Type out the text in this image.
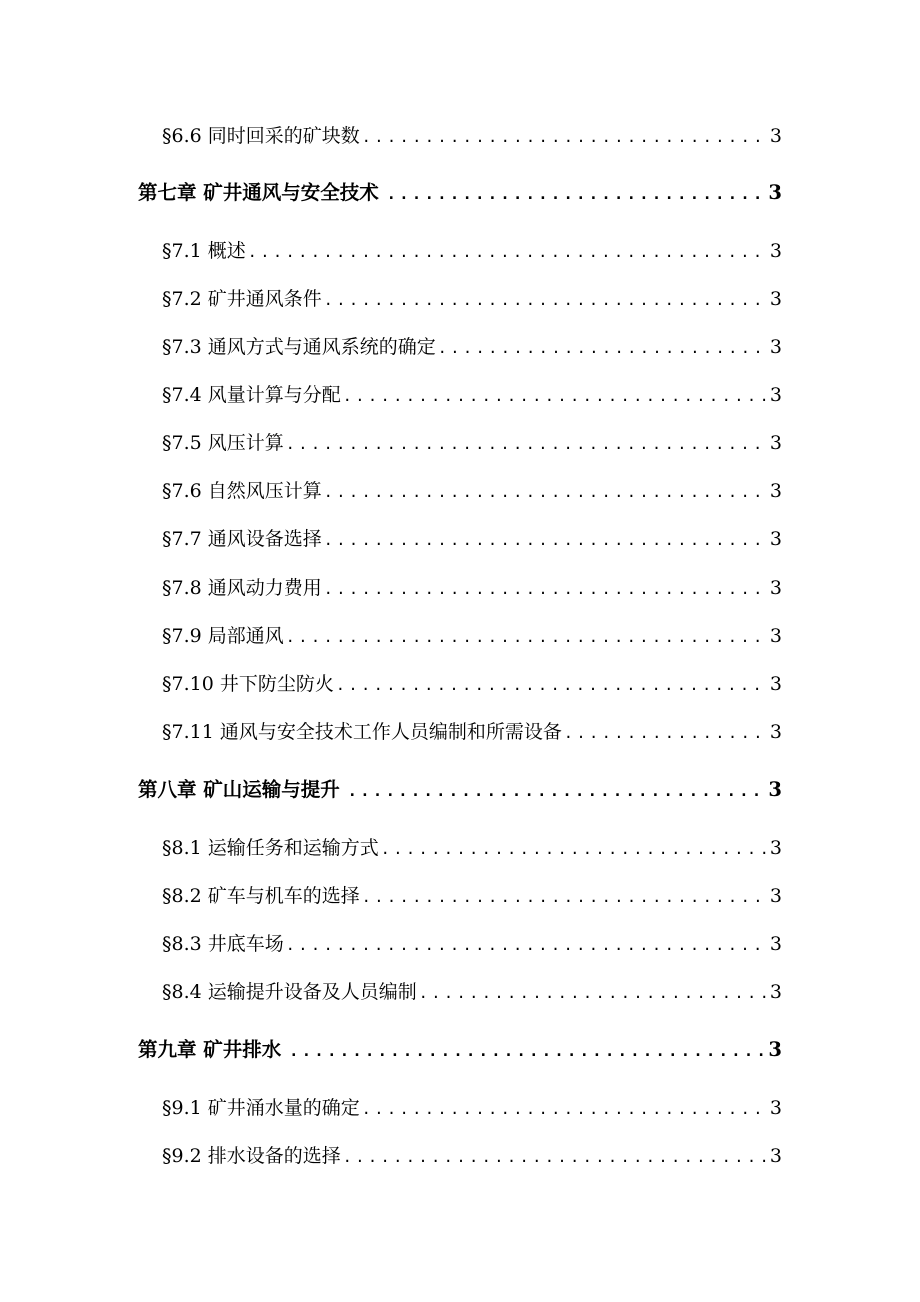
§6.6 同时回采的矿块数 .....	3
第七章 矿井通风与安全技术 .....	3
§7.1 概述 .....	3
§7.2 矿井通风条件 .....	3
§7.3 通风方式与通风系统的确定 .....	3
§7.4 风量计算与分配 .....	3
§7.5 风压计算 .....	3
§7.6 自然风压计算 .....	3
§7.7 通风设备选择 .....	3
§7.8 通风动力费用 .....	3
§7.9 局部通风 .....	3
§7.10 井下防尘防火 .....	3
§7.11 通风与安全技术工作人员编制和所需设备 .....	3
第八章 矿山运输与提升 .....	3
§8.1 运输任务和运输方式 .....	3
§8.2 矿车与机车的选择 .....	3
§8.3 井底车场 .....	3
§8.4 运输提升设备及人员编制 .....	3
第九章 矿井排水 .....	3
§9.1 矿井涌水量的确定 .....	3
§9.2 排水设备的选择 .....	3
